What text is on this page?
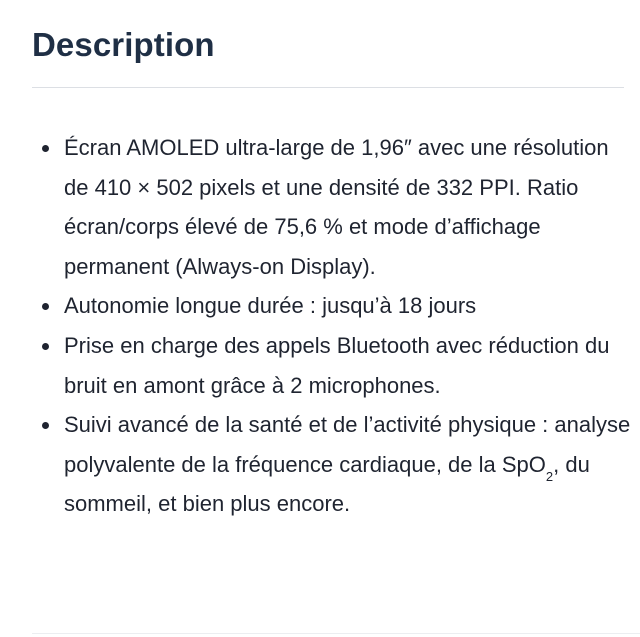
Description
Écran AMOLED ultra-large de 1,96″ avec une résolution de 410 × 502 pixels et une densité de 332 PPI. Ratio écran/corps élevé de 75,6 % et mode d’affichage permanent (Always-on Display).
Autonomie longue durée : jusqu’à 18 jours
Prise en charge des appels Bluetooth avec réduction du bruit en amont grâce à 2 microphones.
Suivi avancé de la santé et de l’activité physique : analyse polyvalente de la fréquence cardiaque, de la SpO$_2$, du sommeil, et bien plus encore.
